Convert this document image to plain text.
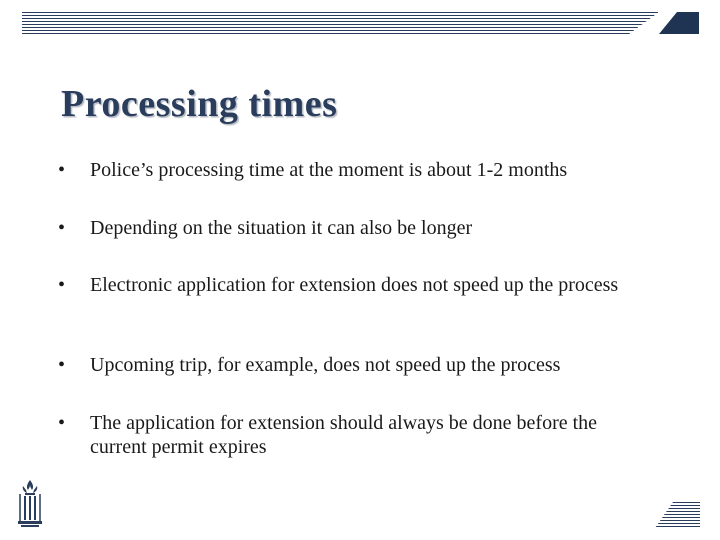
Processing times
•	Police’s processing time at the moment is about 1-2 months
•	Depending on the situation it can also be longer
•	Electronic application for extension does not speed up the process
•	Upcoming trip, for example, does not speed up the process
•	The application for extension should always be done before the current permit expires
